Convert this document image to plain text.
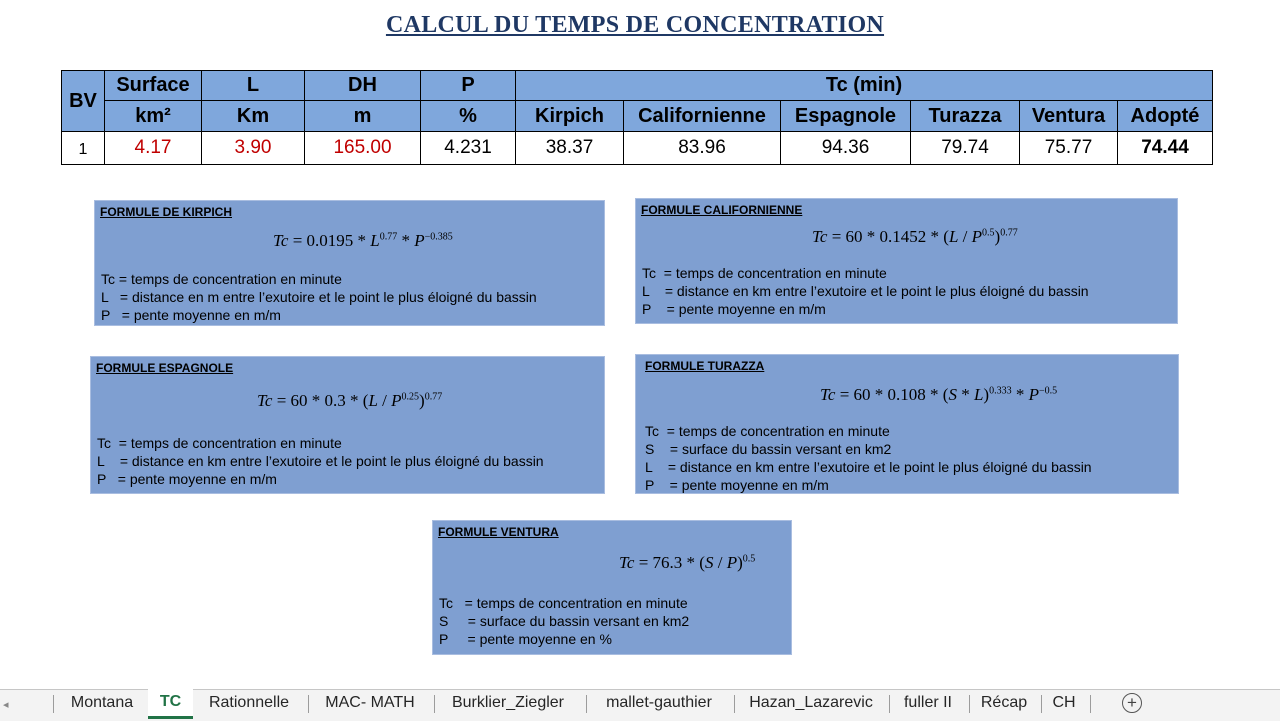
CALCUL DU TEMPS DE CONCENTRATION
BV	Surface	L	DH	P	Tc (min)					
	km²	Km	m	%	Kirpich	Californienne	Espagnole	Turazza	Ventura	Adopté
1	4.17	3.90	165.00	4.231	38.37	83.96	94.36	79.74	75.77	74.44
FORMULE DE KIRPICH
$Tc = 0.0195 * L^{0.77} * P^{-0.385}$
Tc = temps de concentration en minute
L   = distance en m entre l’exutoire et le point le plus éloigné du bassin
P   = pente moyenne en m/m
FORMULE CALIFORNIENNE
$Tc = 60 * 0.1452 * (L / P^{0.5})^{0.77}$
Tc  = temps de concentration en minute
L    = distance en km entre l’exutoire et le point le plus éloigné du bassin
P    = pente moyenne en m/m
FORMULE ESPAGNOLE
$Tc = 60 * 0.3 * (L / P^{0.25})^{0.77}$
Tc  = temps de concentration en minute
L    = distance en km entre l’exutoire et le point le plus éloigné du bassin
P   = pente moyenne en m/m
FORMULE TURAZZA
$Tc = 60 * 0.108 * (S * L)^{0.333} * P^{-0.5}$
Tc  = temps de concentration en minute
S    = surface du bassin versant en km2
L    = distance en km entre l’exutoire et le point le plus éloigné du bassin
P    = pente moyenne en m/m
FORMULE VENTURA
Tc = 76.3 * (S / P)$^{0.5}$
Tc   = temps de concentration en minute
S     = surface du bassin versant en km2
P     = pente moyenne en %
◂	Montana	TC	Rationnelle	MAC- MATH	Burklier_Ziegler	mallet-gauthier	Hazan_Lazarevic	fuller II	Récap	CH	+
